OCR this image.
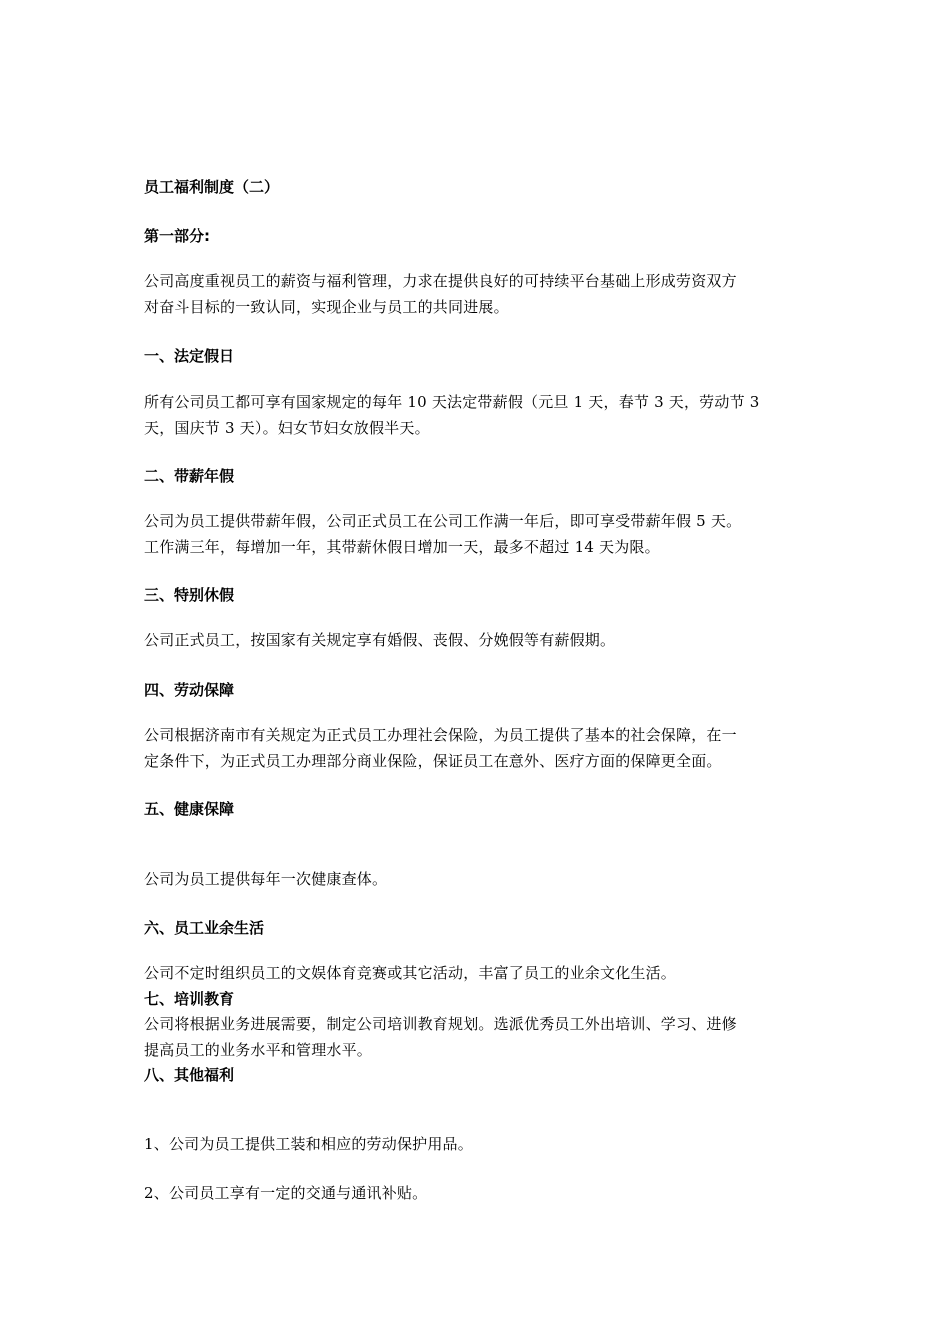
员工福利制度（二）
第一部分:
公司高度重视员工的薪资与福利管理，力求在提供良好的可持续平台基础上形成劳资双方
对奋斗目标的一致认同，实现企业与员工的共同进展。
一、法定假日
所有公司员工都可享有国家规定的每年 10 天法定带薪假（元旦 1 天，春节 3 天，劳动节 3
天，国庆节 3 天）。妇女节妇女放假半天。
二、带薪年假
公司为员工提供带薪年假，公司正式员工在公司工作满一年后，即可享受带薪年假 5 天。
工作满三年，每增加一年，其带薪休假日增加一天，最多不超过 14 天为限。
三、特别休假
公司正式员工，按国家有关规定享有婚假、丧假、分娩假等有薪假期。
四、劳动保障
公司根据济南市有关规定为正式员工办理社会保险，为员工提供了基本的社会保障，在一
定条件下，为正式员工办理部分商业保险，保证员工在意外、医疗方面的保障更全面。
五、健康保障
公司为员工提供每年一次健康查体。
六、员工业余生活
公司不定时组织员工的文娱体育竞赛或其它活动，丰富了员工的业余文化生活。
七、培训教育
公司将根据业务进展需要，制定公司培训教育规划。选派优秀员工外出培训、学习、进修
提高员工的业务水平和管理水平。
八、其他福利
1、公司为员工提供工装和相应的劳动保护用品。
2、公司员工享有一定的交通与通讯补贴。
